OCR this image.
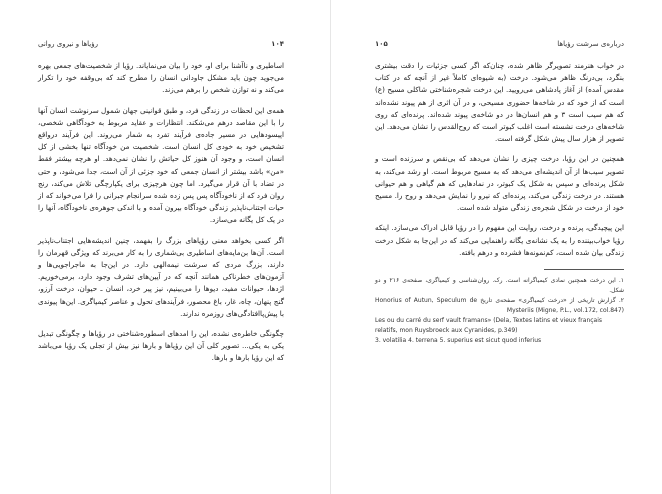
۱۰۴
رؤیاها و نیروی روانی

اساطیری و ناآشنا برای او، خود را بیان می‌نمایاند. رؤیا از شخصیت‌های جمعی بهره می‌جوید چون باید مشکل جاودانی انسان را مطرح کند که بی‌وقفه خود را تکرار می‌کند و نه توازن شخص را برهم می‌زند.

همه‌ی این لحظات در زندگی فرد، و طبق قوانینی جهان شمول سرنوشت انسان آنها را با این مقاصد درهم می‌شکند. انتظارات و عقاید مربوط به خودآگاهی شخصی، اپیسودهایی در مسیر جاده‌ی فرآیند تفرد به شمار می‌روند. این فرآیند درواقع تشخیص خود به خودی کل انسان است. شخصیت من خودآگاه تنها بخشی از کل انسان است، و وجود آن هنوز کل حیاتش را نشان نمی‌دهد. او هرچه بیشتر فقط «من» باشد بیشتر از انسان جمعی که خود جزئی از آن است، جدا می‌شود، و حتی در تضاد با آن قرار می‌گیرد. اما چون هرچیزی برای یکپارچگی تلاش می‌کند، رنج روان فرد که از ناخودآگاه پس پس زده شده سرانجام جبرانی را فرا می‌خواند که از حیات اجتناب‌ناپذیر زندگی خودآگاه بیرون آمده و با اندکی جوهره‌ی ناخودآگاه، آنها را در یک کل یگانه می‌سازد.

اگر کسی بخواهد معنی رؤیاهای بزرگ را بفهمد، چنین اندیشه‌هایی اجتناب‌ناپذیر است. آن‌ها بن‌مایه‌های اساطیری بی‌شماری را به کار می‌برند که ویژگی قهرمان را دارند، بزرگ مردی که سرشت نیمه‌الهی دارد. در این‌جا به ماجراجویی‌ها و آزمون‌های خطرناکی همانند آنچه که در آیین‌های تشرف وجود دارد، برمی‌خوریم. اژدها، حیوانات مفید، دیوها را می‌بینیم، نیز پیر خرد، انسان ـ حیوان، درخت آرزو، گنج پنهان، چاه، غار، باغ محصور، فرآیندهای تحول و عناصر کیمیاگری. این‌ها پیوندی با پیش‌پاافتادگی‌های روزمره ندارند.

چگونگی خاطره‌ی نشده، این را امدهای اسطوره‌شناختی در رؤیاها و چگونگی تبدیل یکی به یکی... تصویر کلی آن این رؤیاها و بارها نیز بیش از تجلی یک رؤیا می‌باشد که این رؤیا بارها و بارها.

درباره‌ی سرشت رؤیاها
۱۰۵

در خواب هنرمند تصویرگر ظاهر شده، چنان‌که اگر کسی جزئیات را دقت بیشتری بنگرد، بی‌درنگ ظاهر می‌شود. درخت (به شیوه‌ای کاملاً غیر از آنچه که در کتاب مقدس آمده) از آغاز پادشاهی می‌رویید. این درخت شجره‌شناختی شاکلی مسیح (ع) است که از خود که در شاخه‌ها حضوری مسیحی، و در آن اثری از هم پیوند نشده‌اند که هم سیب است ۳ و هم انسان‌ها در دو شاخه‌ی پیوند شده‌اند. پرنده‌ای که روی شاخه‌های درخت نشسته است اغلب کبوتر است که روح‌القدس را نشان می‌دهد. این تصویر از هزار سال پیش شکل گرفته است.

همچنین در این رؤیا، درخت چیزی را نشان می‌دهد که بی‌نقص و سرزنده است و تصویر سیب‌ها از آن اندیشه‌ای می‌دهد که به مسیح مربوط است. او رشد می‌کند، به شکل پرنده‌ای و سپس به شکل یک کبوتر، در نمادهایی که هم گیاهی و هم حیوانی هستند. در درخت زندگی می‌کند، پرنده‌ای که نیرو را نمایش می‌دهد و روح را. مسیح خود از درخت در شکل شجره‌ی زندگی متولد شده است.

این پیچیدگی، پرنده و درخت، روایت این مفهوم را در رؤیا قابل ادراک می‌سازد. اینکه رؤیا خواب‌بیننده را به یک نشانه‌ی یگانه راهنمایی می‌کند که در این‌جا به شکل درخت زندگی بیان شده است، کم‌نمونه‌ها فشرده و درهم بافته.

۱. این درخت همچنین نمادی کیمیاگرانه است. رک. روان‌شناسی و کیمیاگری، صفحه‌ی ۲۱۶ و دو شکل.

۲. گزارش تاریخی از «درخت کیمیاگری» صفحه‌ی تاریخ Honorius of Autun, Speculum de Mysteriis (Migne, P.L., vol.172, col.847)

Les ou du carré du serf vault framans» (Dela, Textes latins et vieux français relatifs, mon Ruysbroeck aux Cyranides, p.349)

3. volatilia 4. terrena 5. superius est sicut quod inferius
